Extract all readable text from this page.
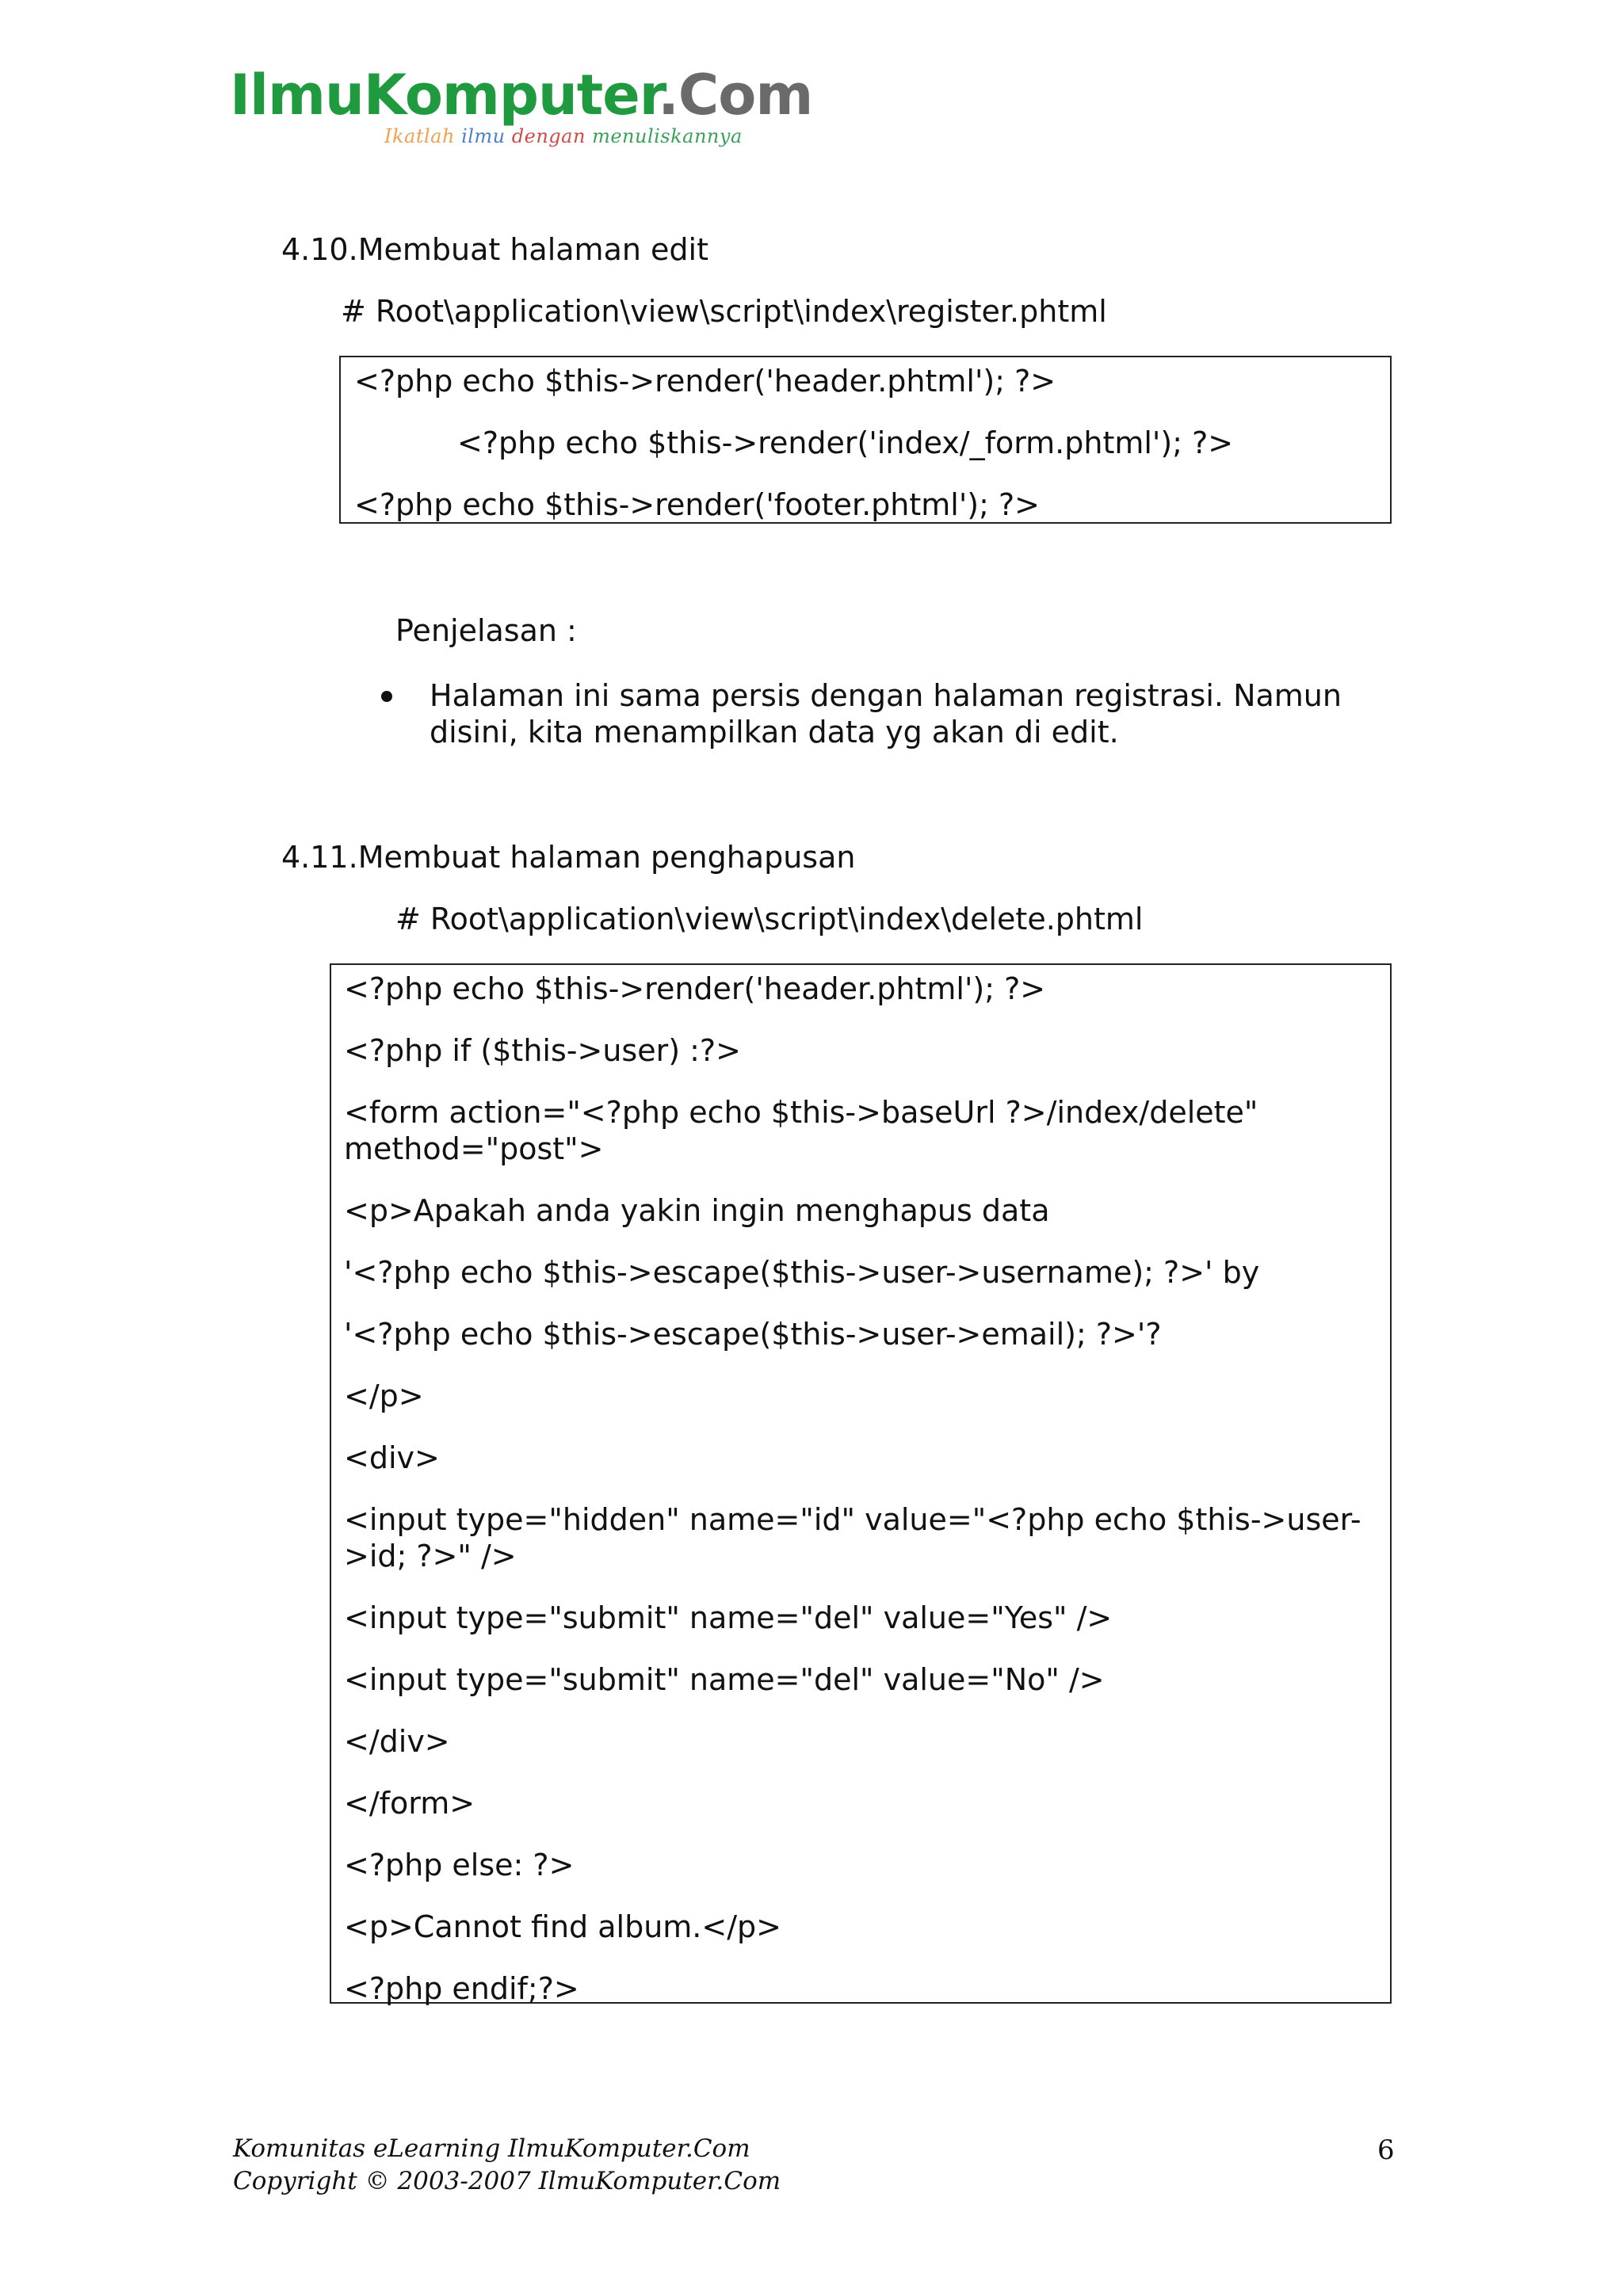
IlmuKomputer.Com
Ikatlah ilmu dengan menuliskannya
4.10.Membuat halaman edit
# Root\application\view\script\index\register.phtml
<?php echo $this->render('header.phtml'); ?>
<?php echo $this->render('index/_form.phtml'); ?>
<?php echo $this->render('footer.phtml'); ?>
Penjelasan :
Halaman ini sama persis dengan halaman registrasi. Namun
disini, kita menampilkan data yg akan di edit.
4.11.Membuat halaman penghapusan
# Root\application\view\script\index\delete.phtml
<?php echo $this->render('header.phtml'); ?>
<?php if ($this->user) :?>
<form action="<?php echo $this->baseUrl ?>/index/delete"
method="post">
<p>Apakah anda yakin ingin menghapus data
'<?php echo $this->escape($this->user->username); ?>' by
'<?php echo $this->escape($this->user->email); ?>'?
</p>
<div>
<input type="hidden" name="id" value="<?php echo $this->user-
>id; ?>" />
<input type="submit" name="del" value="Yes" />
<input type="submit" name="del" value="No" />
</div>
</form>
<?php else: ?>
<p>Cannot find album.</p>
<?php endif;?>
Komunitas eLearning IlmuKomputer.Com
Copyright © 2003-2007 IlmuKomputer.Com
6
